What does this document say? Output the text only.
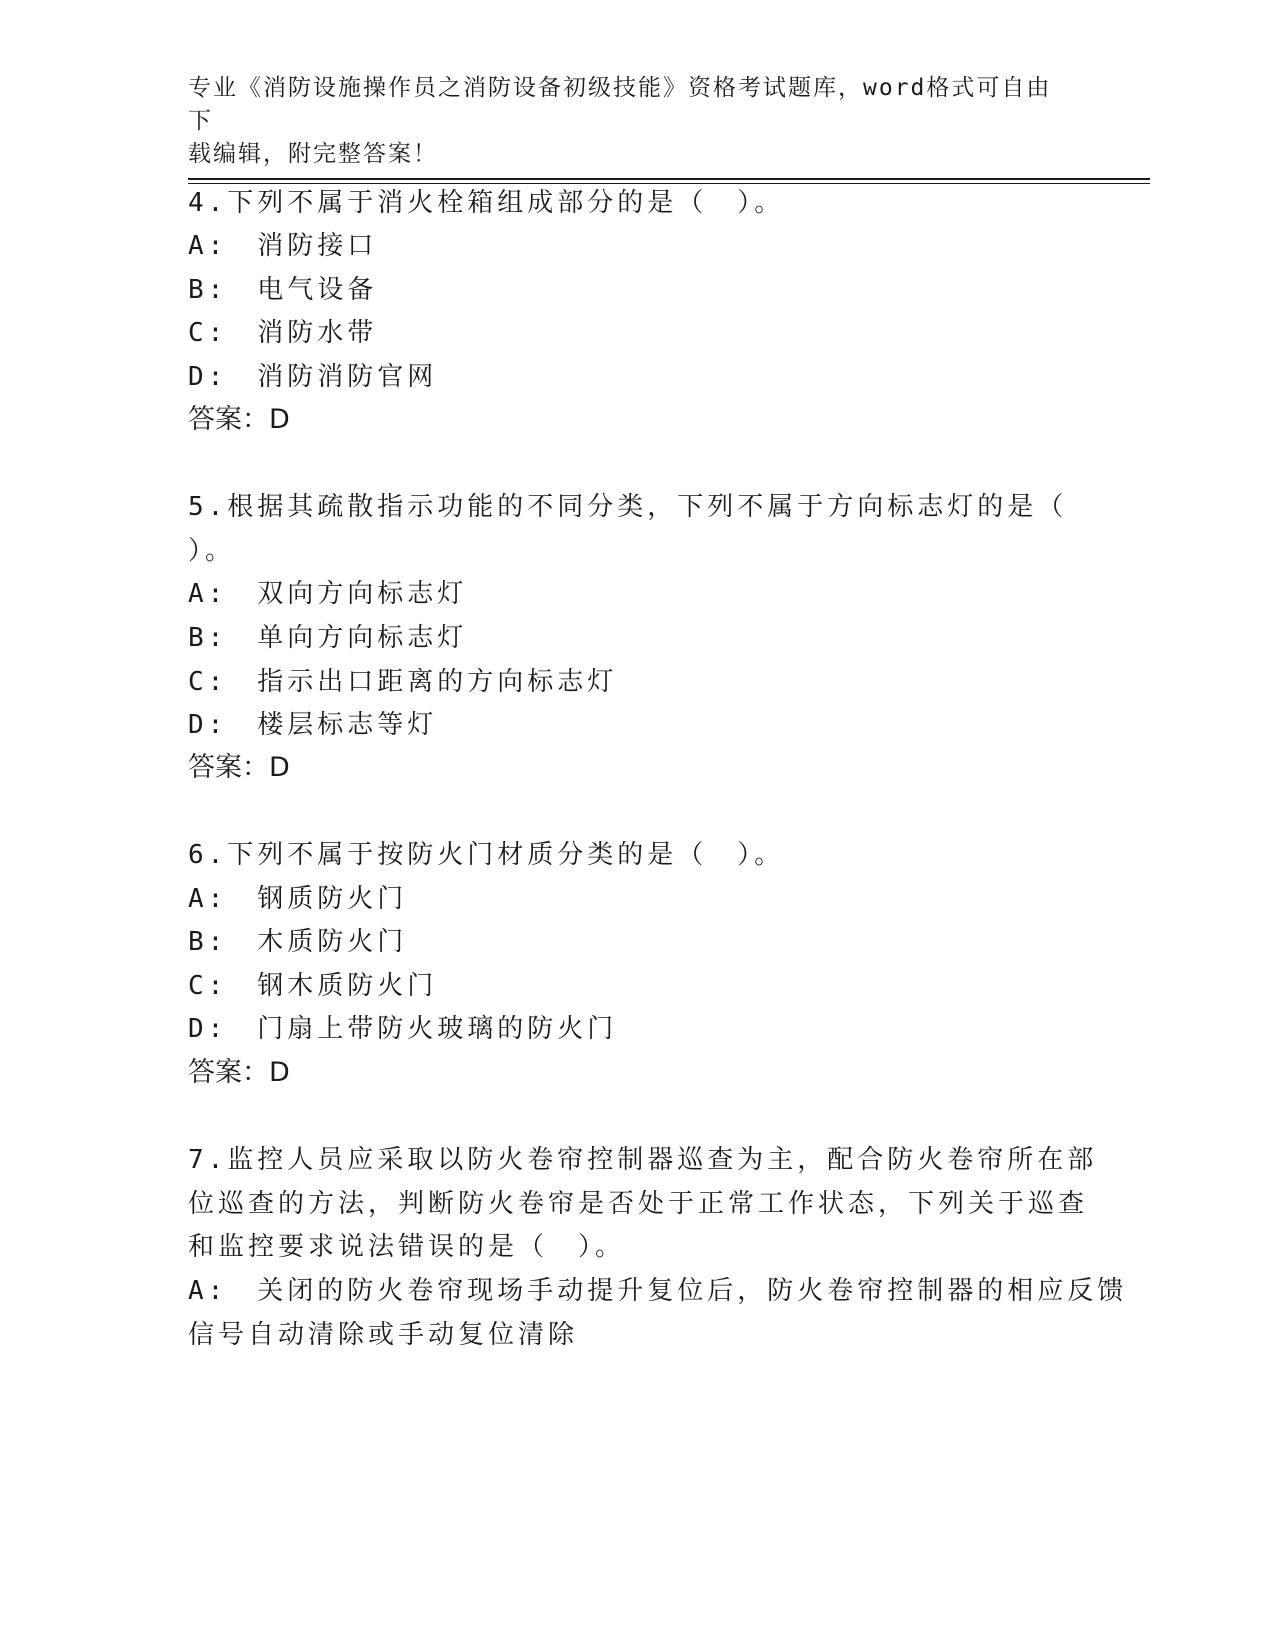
专业《消防设施操作员之消防设备初级技能》资格考试题库，word格式可自由下
载编辑，附完整答案！
4.下列不属于消火栓箱组成部分的是（　）。
A:　消防接口
B:　电气设备
C:　消防水带
D:　消防消防官网
答案：D
5.根据其疏散指示功能的不同分类，下列不属于方向标志灯的是（
）。
A:　双向方向标志灯
B:　单向方向标志灯
C:　指示出口距离的方向标志灯
D:　楼层标志等灯
答案：D
6.下列不属于按防火门材质分类的是（　）。
A:　钢质防火门
B:　木质防火门
C:　钢木质防火门
D:　门扇上带防火玻璃的防火门
答案：D
7.监控人员应采取以防火卷帘控制器巡查为主，配合防火卷帘所在部
位巡查的方法，判断防火卷帘是否处于正常工作状态，下列关于巡查
和监控要求说法错误的是（　）。
A:　关闭的防火卷帘现场手动提升复位后，防火卷帘控制器的相应反馈
信号自动清除或手动复位清除
